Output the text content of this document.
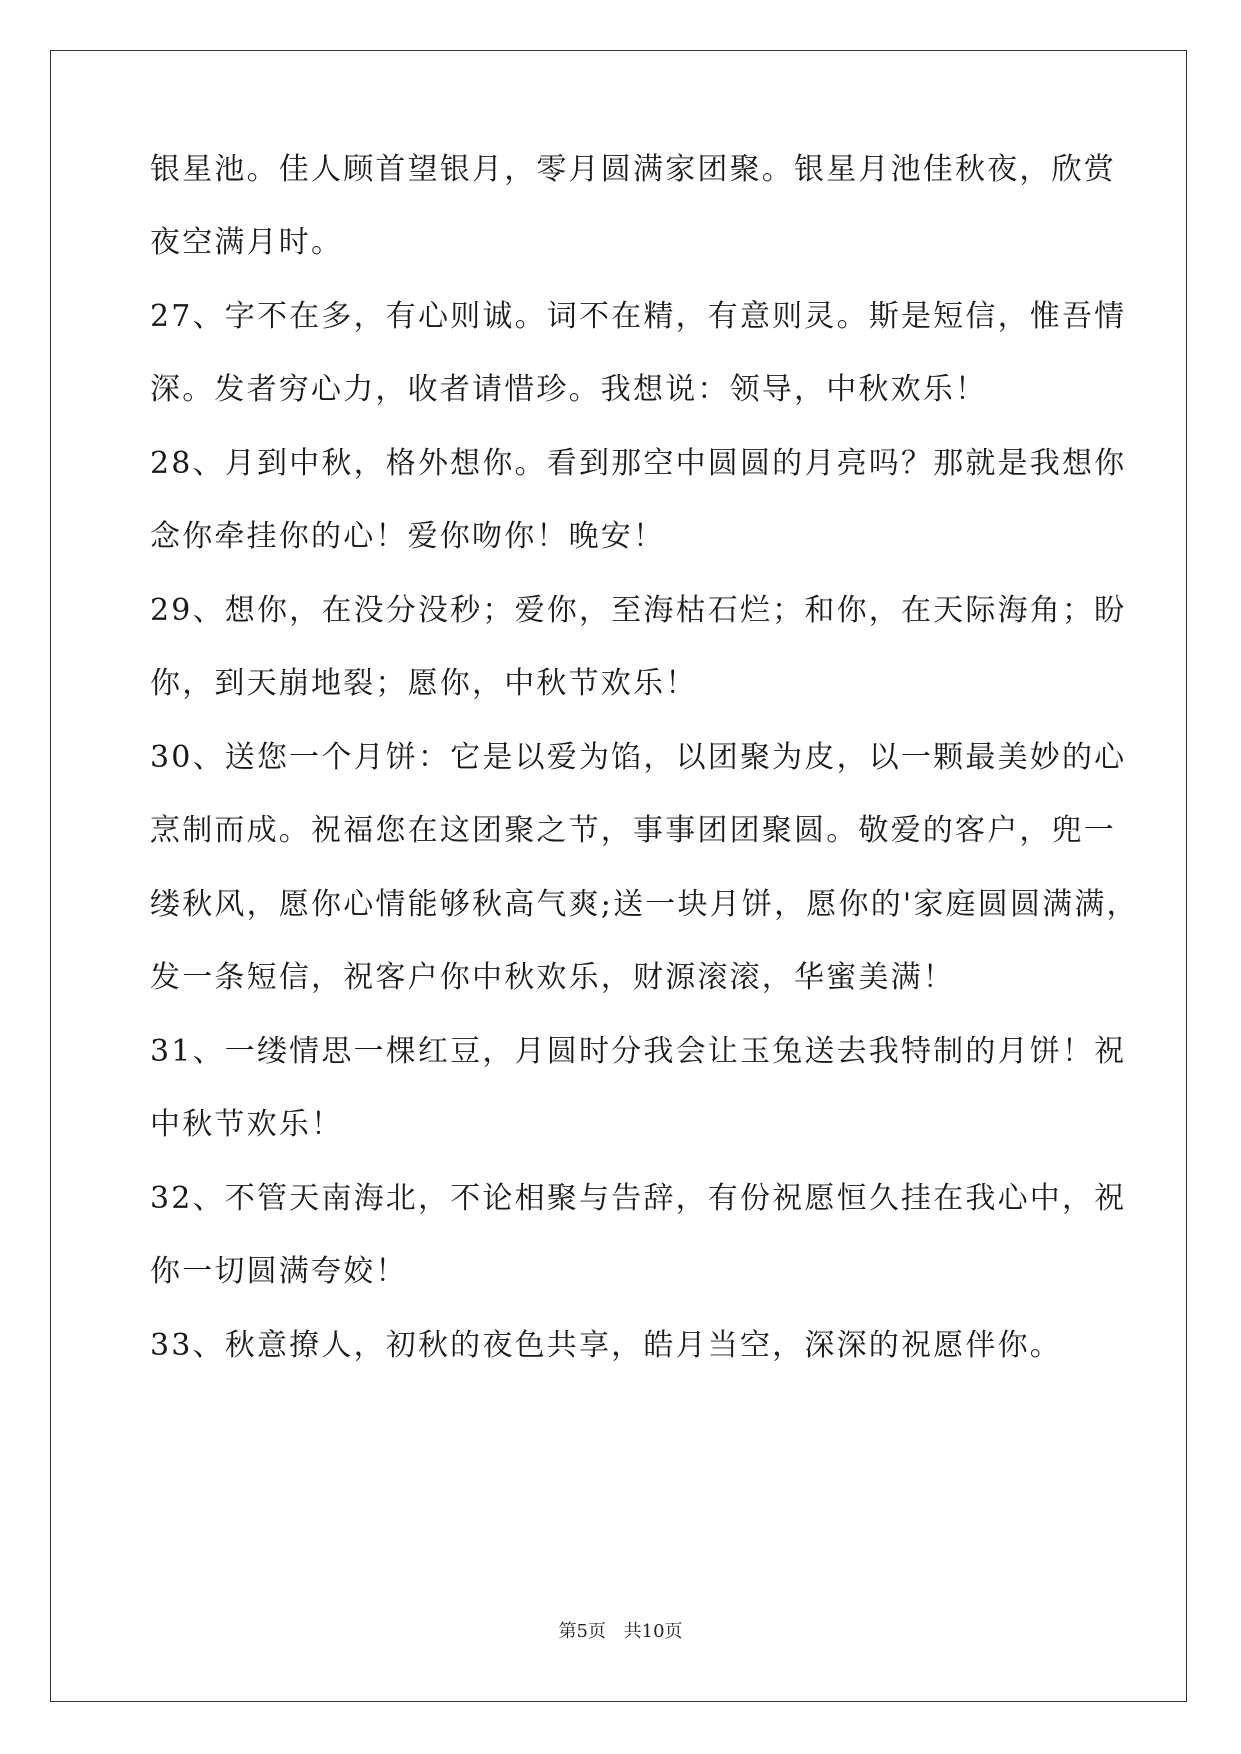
银星池。佳人顾首望银月，零月圆满家团聚。银星月池佳秋夜，欣赏
夜空满月时。
27、字不在多，有心则诚。词不在精，有意则灵。斯是短信，惟吾情
深。发者穷心力，收者请惜珍。我想说：领导，中秋欢乐！
28、月到中秋，格外想你。看到那空中圆圆的月亮吗？那就是我想你
念你牵挂你的心！爱你吻你！晚安！
29、想你，在没分没秒；爱你，至海枯石烂；和你，在天际海角；盼
你，到天崩地裂；愿你，中秋节欢乐！
30、送您一个月饼：它是以爱为馅，以团聚为皮，以一颗最美妙的心
烹制而成。祝福您在这团聚之节，事事团团聚圆。敬爱的客户，兜一
缕秋风，愿你心情能够秋高气爽;送一块月饼，愿你的'家庭圆圆满满，
发一条短信，祝客户你中秋欢乐，财源滚滚，华蜜美满！
31、一缕情思一棵红豆，月圆时分我会让玉兔送去我特制的月饼！祝
中秋节欢乐！
32、不管天南海北，不论相聚与告辞，有份祝愿恒久挂在我心中，祝
你一切圆满夸姣！
33、秋意撩人，初秋的夜色共享，皓月当空，深深的祝愿伴你。
第5页 共10页
